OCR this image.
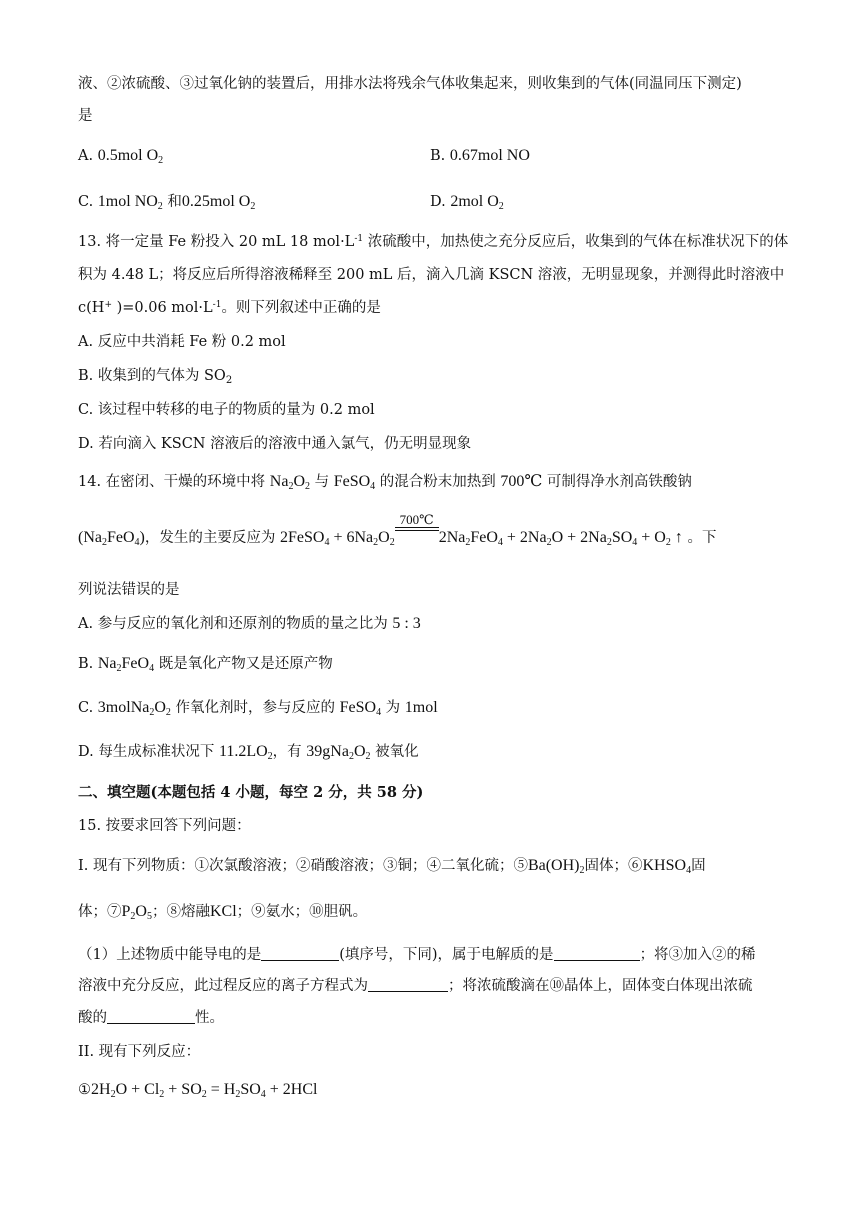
液、②浓硫酸、③过氧化钠的装置后，用排水法将残余气体收集起来，则收集到的气体(同温同压下测定)
是
A. 0.5mol $O_2$	B. 0.67mol NO
C. 1mol $NO_2$ 和0.25mol $O_2$	D. 2mol $O_2$
13. 将一定量 Fe 粉投入 20 mL 18 $mol\cdot L^{-1}$ 浓硫酸中，加热使之充分反应后，收集到的气体在标准状况下的体
积为 4.48 L；将反应后所得溶液稀释至 200 mL 后，滴入几滴 KSCN 溶液，无明显现象，并测得此时溶液中
c(H+ )=0.06 $mol\cdot L^{-1}$。则下列叙述中正确的是
A. 反应中共消耗 Fe 粉 0.2 mol
B. 收集到的气体为 $SO_2$
C. 该过程中转移的电子的物质的量为 0.2 mol
D. 若向滴入 KSCN 溶液后的溶液中通入氯气，仍无明显现象
14. 在密闭、干燥的环境中将 $Na_2O_2$ 与 FeSO$_4$ 的混合粉末加热到 700℃ 可制得净水剂高铁酸钠
$(Na_2FeO_4)$，发生的主要反应为 2FeSO$_4$ + $6Na_2O_2$
700℃
$2Na_2FeO_4 + 2Na_2O + 2Na_2SO_4 + O_2$ ↑ 。下
列说法错误的是
A. 参与反应的氧化剂和还原剂的物质的量之比为 5 : 3
B. $Na_2FeO_4$ 既是氧化产物又是还原产物
C. $3molNa_2O_2$ 作氧化剂时，参与反应的 FeSO$_4$ 为 1mol
D. 每生成标准状况下 $11.2LO_2$，有 $39gNa_2O_2$ 被氧化
二、填空题(本题包括 4 小题，每空 2 分，共 58 分)
15. 按要求回答下列问题：
I. 现有下列物质：①次氯酸溶液；②硝酸溶液；③铜；④二氧化硫；$⑤Ba(OH)_2$固体；$⑥KHSO_4$固
体；$⑦P_2O_5$；⑧熔融KCl；⑨氨水；⑩胆矾。
（1）上述物质中能导电的是	(填序号，下同)，属于电解质的是	；将③加入②的稀
溶液中充分反应，此过程反应的离子方程式为	；将浓硫酸滴在⑩晶体上，固体变白体现出浓硫
酸的	性。
II. 现有下列反应：
$①2H_2O + Cl_2 + SO_2 = H_2SO_4 + 2HCl$
